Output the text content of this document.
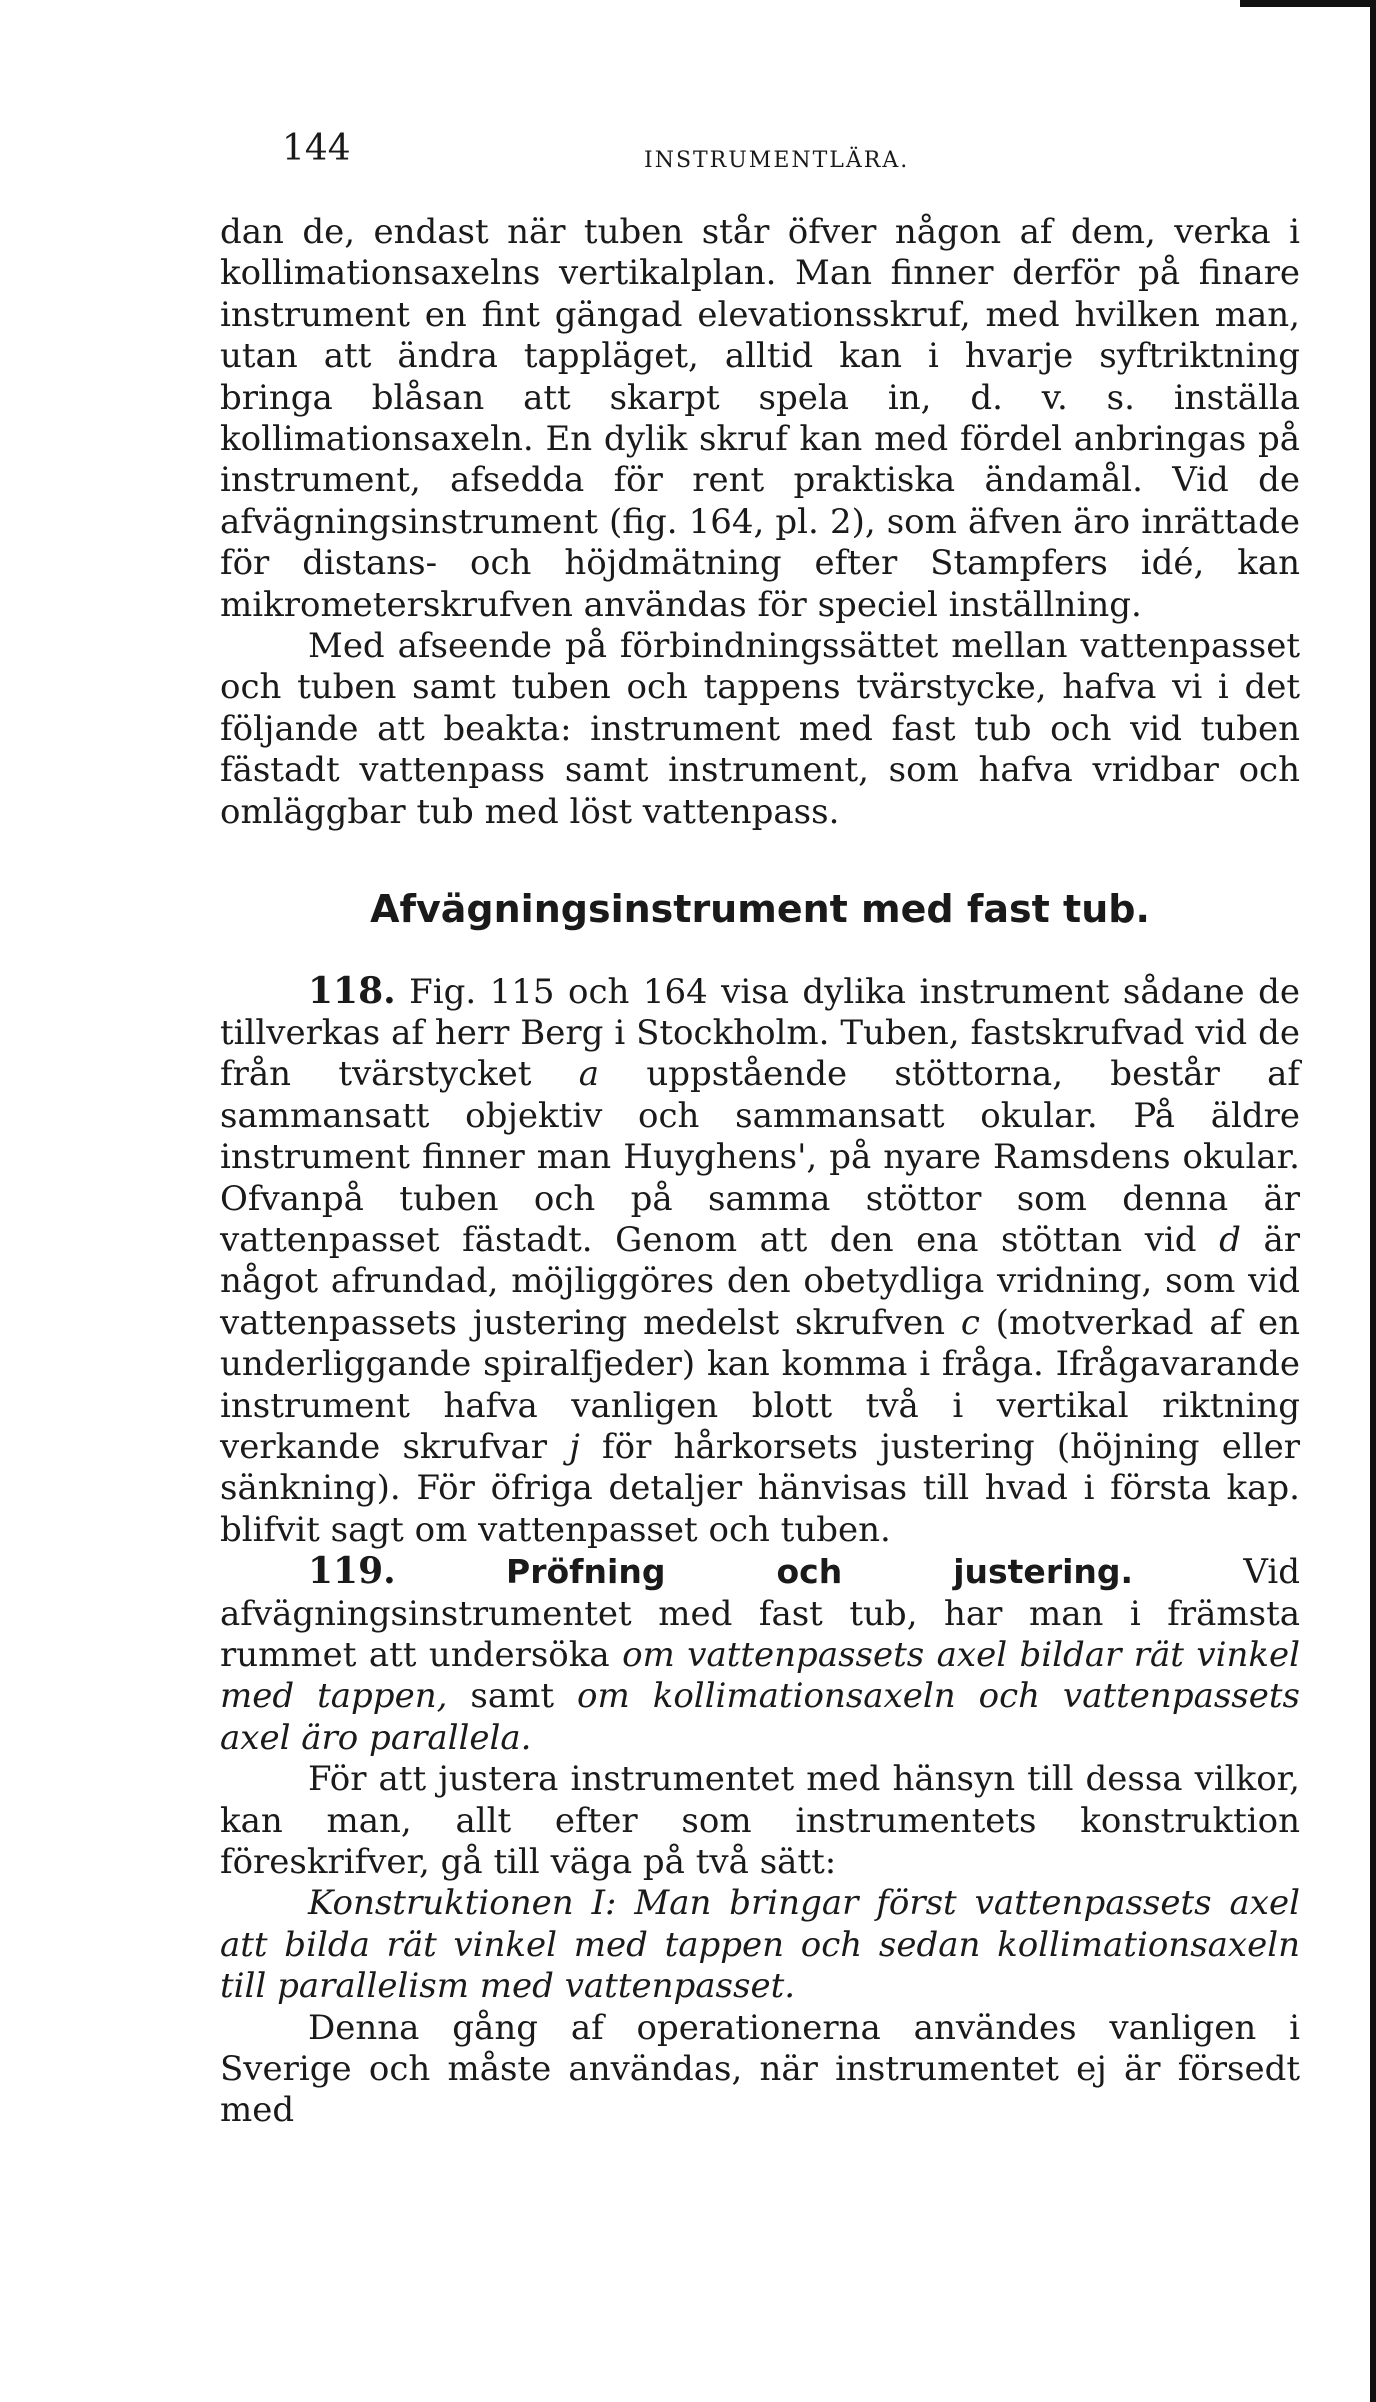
144	INSTRUMENTLÄRA.

dan de, endast när tuben står öfver någon af dem, verka i kollimationsaxelns vertikalplan. Man finner derför på finare instrument en fint gängad elevationsskruf, med hvilken man, utan att ändra tappläget, alltid kan i hvarje syftriktning bringa blåsan att skarpt spela in, d. v. s. inställa kollimationsaxeln. En dylik skruf kan med fördel anbringas på instrument, afsedda för rent praktiska ändamål. Vid de afvägningsinstrument (fig. 164, pl. 2), som äfven äro inrättade för distans- och höjdmätning efter Stampfers idé, kan mikrometerskrufven användas för speciel inställning.

Med afseende på förbindningssättet mellan vattenpasset och tuben samt tuben och tappens tvärstycke, hafva vi i det följande att beakta: instrument med fast tub och vid tuben fästadt vattenpass samt instrument, som hafva vridbar och omläggbar tub med löst vattenpass.

Afvägningsinstrument med fast tub.

118. Fig. 115 och 164 visa dylika instrument sådane de tillverkas af herr Berg i Stockholm. Tuben, fastskrufvad vid de från tvärstycket a uppstående stöttorna, består af sammansatt objektiv och sammansatt okular. På äldre instrument finner man Huyghens', på nyare Ramsdens okular. Ofvanpå tuben och på samma stöttor som denna är vattenpasset fästadt. Genom att den ena stöttan vid d är något afrundad, möjliggöres den obetydliga vridning, som vid vattenpassets justering medelst skrufven c (motverkad af en underliggande spiralfjeder) kan komma i fråga. Ifrågavarande instrument hafva vanligen blott två i vertikal riktning verkande skrufvar j för hårkorsets justering (höjning eller sänkning). För öfriga detaljer hänvisas till hvad i första kap. blifvit sagt om vattenpasset och tuben.

119.	Pröfning och justering. Vid afvägningsinstrumentet med fast tub, har man i främsta rummet att undersöka om vattenpassets axel bildar rät vinkel med tappen, samt om kollimationsaxeln och vattenpassets axel äro parallela.

För att justera instrumentet med hänsyn till dessa vilkor, kan man, allt efter som instrumentets konstruktion föreskrifver, gå till väga på två sätt:

Konstruktionen I: Man bringar först vattenpassets axel att bilda rät vinkel med tappen och sedan kollimationsaxeln till parallelism med vattenpasset.

Denna gång af operationerna användes vanligen i Sverige och måste användas, när instrumentet ej är försedt med
